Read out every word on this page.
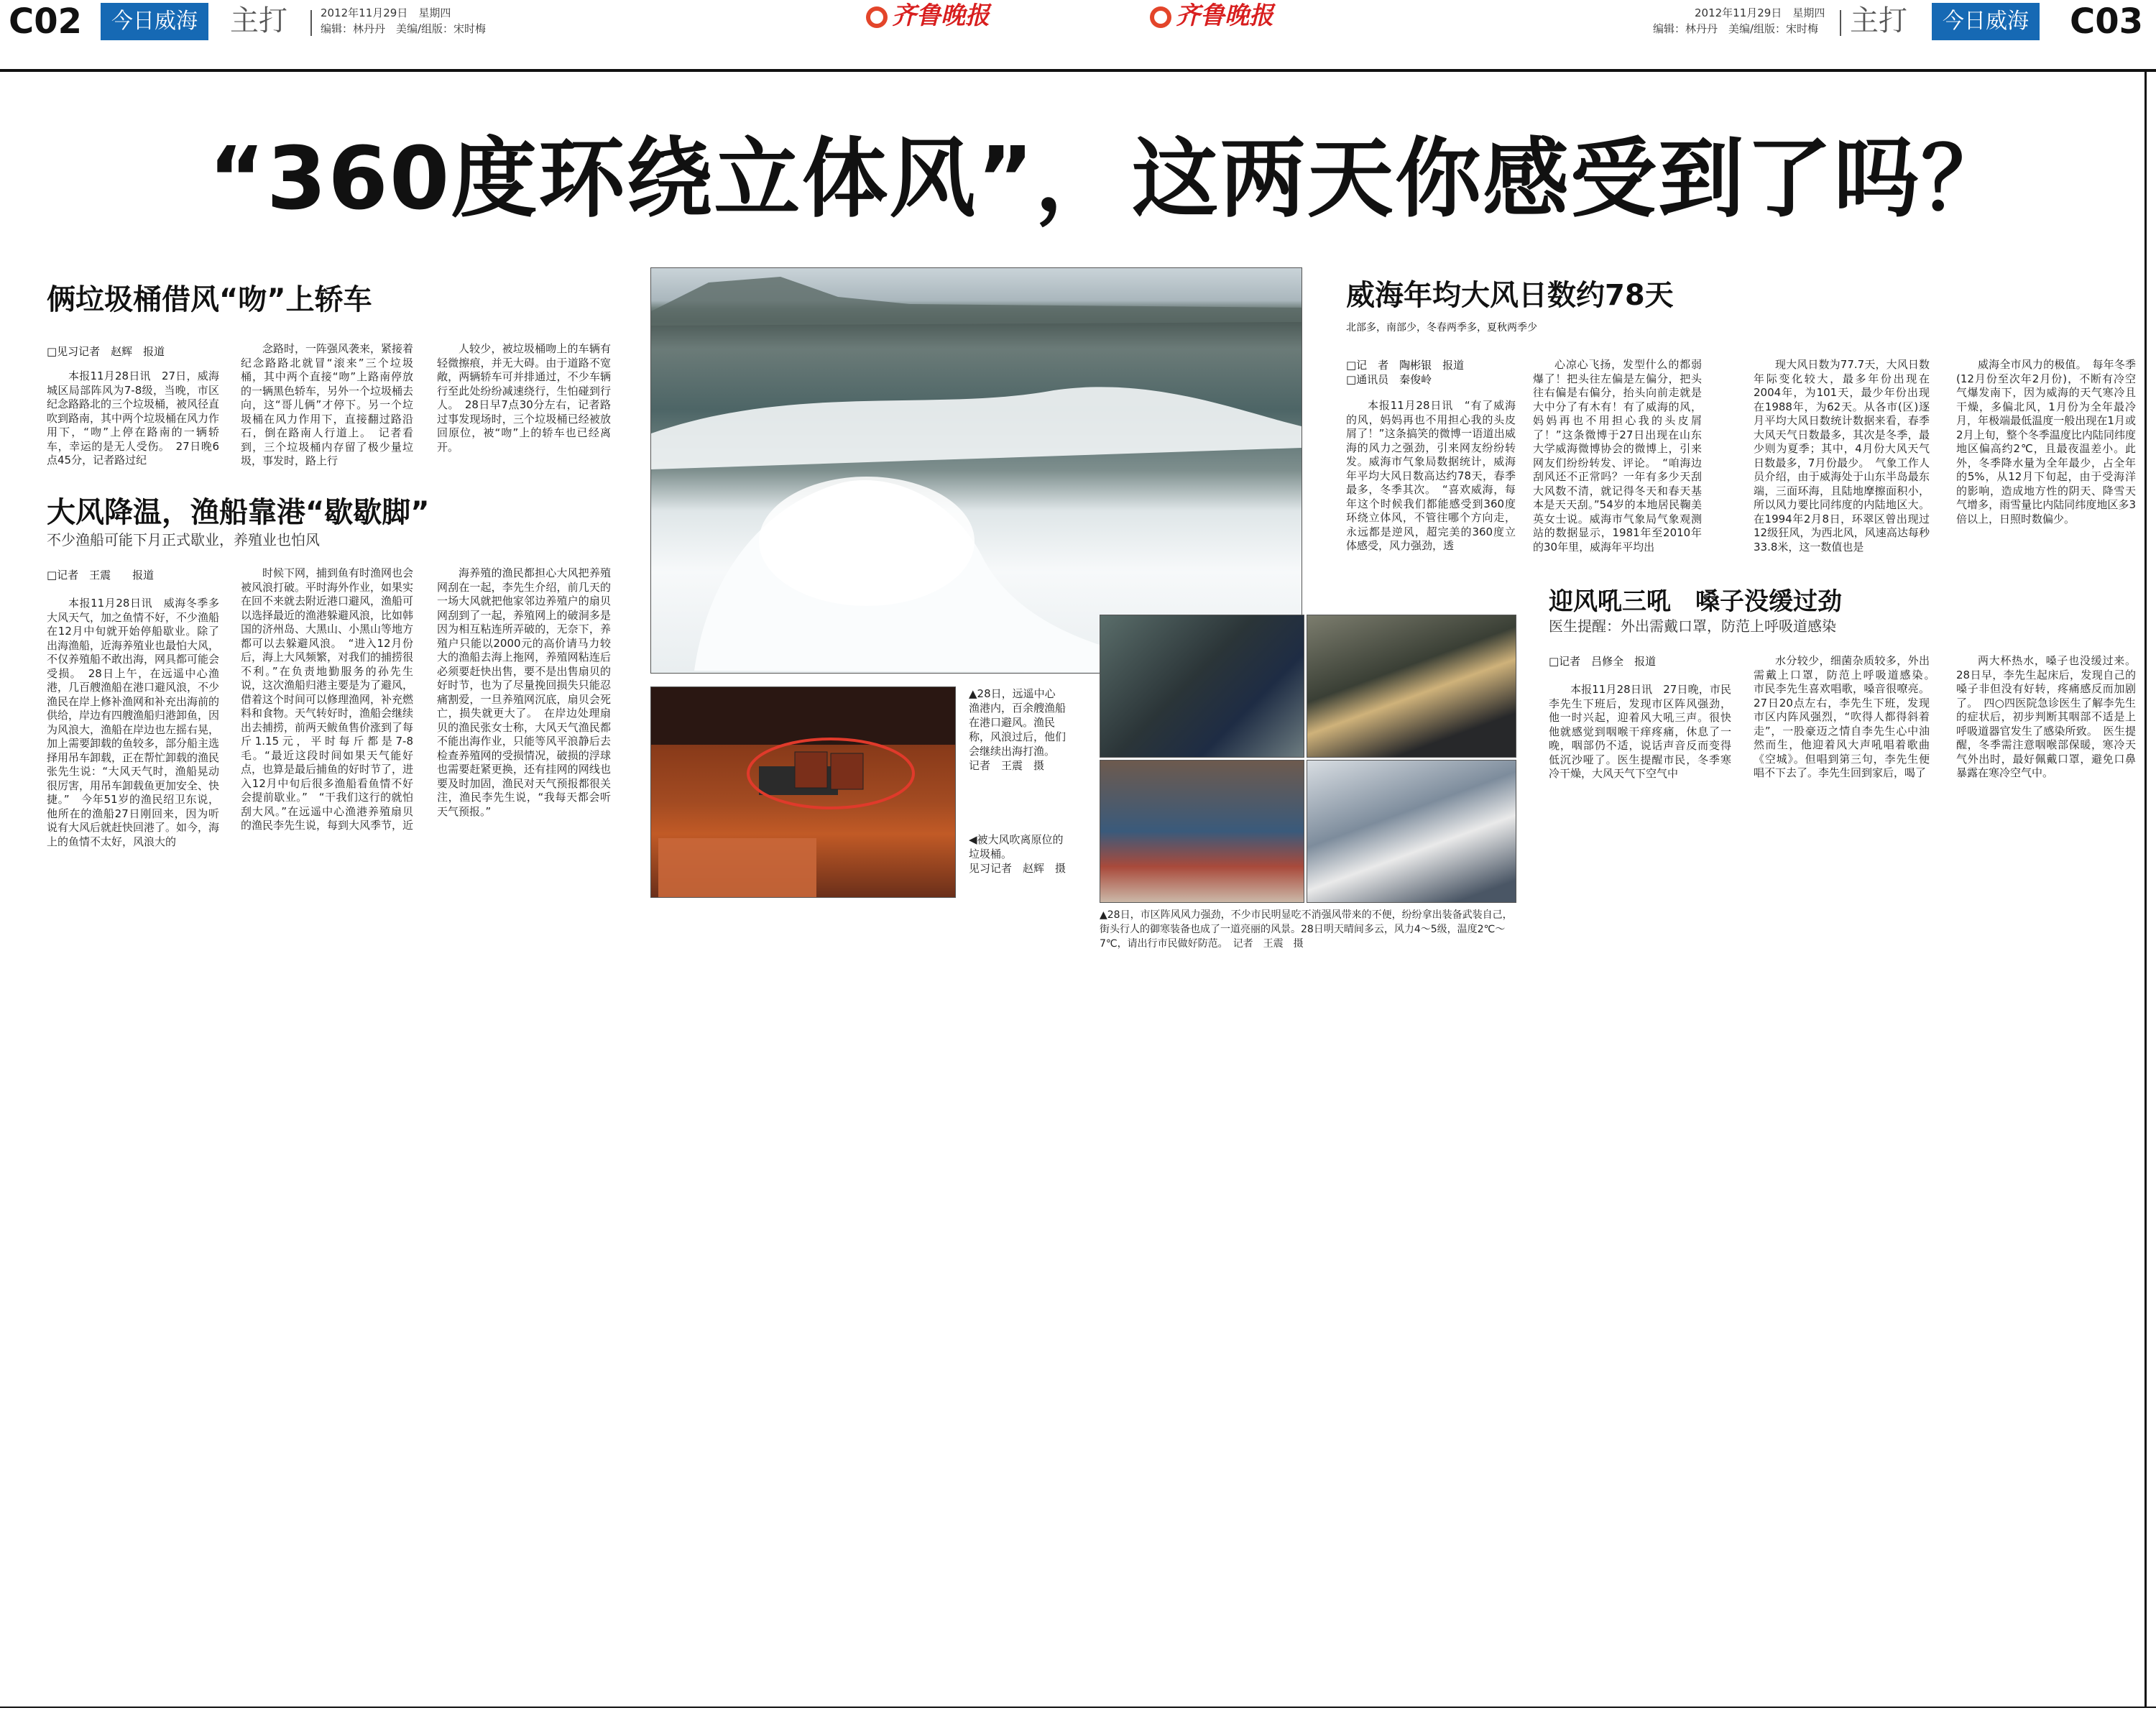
C02	今日威海	主打	2012年11月29日　星期四
编辑：林丹丹　美编/组版：宋时梅	齐鲁晚报	齐鲁晚报	2012年11月29日　星期四
编辑：林丹丹　美编/组版：宋时梅 主打	今日威海	C03
“360度环绕立体风”， 这两天你感受到了吗？
俩垃圾桶借风“吻”上轿车
□见习记者　赵辉　报道

本报11月28日讯　27日，威海城区局部阵风为7-8级，当晚，市区纪念路路北的三个垃圾桶，被风径直吹到路南，其中两个垃圾桶在风力作用下，“吻”上停在路南的一辆轿车，幸运的是无人受伤。　27日晚6点45分，记者路过纪

念路时，一阵强风袭来，紧接着纪念路路北就冒“滚来”三个垃圾桶，其中两个直接“吻”上路南停放的一辆黑色轿车，另外一个垃圾桶去向，这“哥儿俩”才停下。另一个垃圾桶在风力作用下，直接翻过路沿石，倒在路南人行道上。　记者看到，三个垃圾桶内存留了极少量垃圾，事发时，路上行

人较少，被垃圾桶吻上的车辆有轻微擦痕，并无大碍。由于道路不宽敞，两辆轿车可并排通过，不少车辆行至此处纷纷减速绕行，生怕碰到行人。　28日早7点30分左右，记者路过事发现场时，三个垃圾桶已经被放回原位，被“吻”上的轿车也已经离开。

大风降温，渔船靠港“歇歇脚”
不少渔船可能下月正式歇业，养殖业也怕风
□记者　王震　　报道

本报11月28日讯　威海冬季多大风天气，加之鱼情不好，不少渔船在12月中旬就开始停船歇业。除了出海渔船，近海养殖业也最怕大风，不仅养殖船不敢出海，网具都可能会受损。　28日上午，在远遥中心渔港，几百艘渔船在港口避风浪，不少渔民在岸上修补渔网和补充出海前的供给，岸边有四艘渔船归港卸鱼，因为风浪大，渔船在岸边也左摇右晃，加上需要卸载的鱼较多，部分船主选择用吊车卸载，正在帮忙卸载的渔民张先生说：“大风天气时，渔船晃动很厉害，用吊车卸载鱼更加安全、快捷。”　今年51岁的渔民绍卫东说，他所在的渔船27日刚回来，因为听说有大风后就赶快回港了。如今，海上的鱼情不太好，风浪大的

时候下网，捕到鱼有时渔网也会被风浪打破。平时海外作业，如果实在回不来就去附近港口避风，渔船可以选择最近的渔港躲避风浪，比如韩国的济州岛、大黑山、小黑山等地方都可以去躲避风浪。　“进入12月份后，海上大风频繁，对我们的捕捞很不利。”在负责地勤服务的孙先生说，这次渔船归港主要是为了避风，借着这个时间可以修理渔网，补充燃料和食物。天气转好时，渔船会继续出去捕捞，前两天鲅鱼售价涨到了每斤1.15元，平时每斤都是7-8毛。“最近这段时间如果天气能好点，也算是最后捕鱼的好时节了，进入12月中旬后很多渔船看鱼情不好会提前歇业。”　“干我们这行的就怕刮大风。”在远遥中心渔港养殖扇贝的渔民李先生说，每到大风季节，近

海养殖的渔民都担心大风把养殖网刮在一起，李先生介绍，前几天的一场大风就把他家邻边养殖户的扇贝网刮到了一起，养殖网上的破洞多是因为相互粘连所弄破的，无奈下，养殖户只能以2000元的高价请马力较大的渔船去海上拖网，养殖网粘连后必须要赶快出售，要不是出售扇贝的好时节，也为了尽量挽回损失只能忍痛割爱，一旦养殖网沉底，扇贝会死亡，损失就更大了。　在岸边处理扇贝的渔民张女士称，大风天气渔民都不能出海作业，只能等风平浪静后去检查养殖网的受损情况，破损的浮球也需要赶紧更换，还有挂网的网线也要及时加固，渔民对天气预报都很关注，渔民李先生说，“我每天都会听天气预报。”

▲28日，远遥中心渔港内，百余艘渔船在港口避风。渔民称，风浪过后，他们会继续出海打渔。
记者　王震　摄
◀被大风吹离原位的垃圾桶。
见习记者　赵辉　摄
▲28日，市区阵风风力强劲，不少市民明显吃不消强风带来的不便，纷纷拿出装备武装自己，街头行人的御寒装备也成了一道亮丽的风景。28日明天晴间多云，风力4～5级，温度2℃～7℃，请出行市民做好防范。　 记者　王震　摄
威海年均大风日数约78天
北部多，南部少，冬春两季多，夏秋两季少
□记　者　陶彬银　报道
□通讯员　秦俊岭

本报11月28日讯　“有了威海的风，妈妈再也不用担心我的头皮屑了！”这条搞笑的微博一语道出威海的风力之强劲，引来网友纷纷转发。威海市气象局数据统计，威海年平均大风日数高达约78天，春季最多，冬季其次。　“喜欢威海，每年这个时候我们都能感受到360度环绕立体风，不管往哪个方向走，永远都是逆风，超完美的360度立体感受，风力强劲，透

心凉心飞扬，发型什么的都弱爆了！把头往左偏是左偏分，把头往右偏是右偏分，抬头向前走就是大中分了有木有！有了威海的风，妈妈再也不用担心我的头皮屑了！”这条微博于27日出现在山东大学威海微博协会的微博上，引来网友们纷纷转发、评论。　“咱海边刮风还不正常吗？一年有多少天刮大风数不清，就记得冬天和春天基本是天天刮。”54岁的本地居民鞠美英女士说。威海市气象局气象观测站的数据显示，1981年至2010年的30年里，威海年平均出

现大风日数为77.7天，大风日数年际变化较大，最多年份出现在2004年，为101天，最少年份出现在1988年，为62天。从各市(区)逐月平均大风日数统计数据来看，春季大风天气日数最多，其次是冬季，最少则为夏季；其中，4月份大风天气日数最多，7月份最少。　气象工作人员介绍，由于威海处于山东半岛最东端，三面环海，且陆地摩擦面积小，所以风力要比同纬度的内陆地区大。在1994年2月8日，环翠区曾出现过12级狂风，为西北风，风速高达每秒33.8米，这一数值也是

威海全市风力的极值。　每年冬季(12月份至次年2月份)，不断有冷空气爆发南下，因为威海的天气寒冷且干燥，多偏北风，1月份为全年最冷月，年极端最低温度一般出现在1月或2月上旬，整个冬季温度比内陆同纬度地区偏高约2℃，且最夜温差小。此外，冬季降水量为全年最少，占全年的5%，从12月下旬起，由于受海洋的影响，造成地方性的阴天、降雪天气增多，雨雪量比内陆同纬度地区多3倍以上，日照时数偏少。

迎风吼三吼　嗓子没缓过劲
医生提醒：外出需戴口罩，防范上呼吸道感染
□记者　吕修全　报道

本报11月28日讯　27日晚，市民李先生下班后，发现市区阵风强劲，他一时兴起，迎着风大吼三声。很快他就感觉到咽喉干痒疼痛，休息了一晚，咽部仍不适，说话声音反而变得低沉沙哑了。医生提醒市民，冬季寒冷干燥，大风天气下空气中

水分较少，细菌杂质较多，外出需戴上口罩，防范上呼吸道感染。　市民李先生喜欢唱歌，嗓音很嘹亮。27日20点左右，李先生下班，发现市区内阵风强烈，“吹得人都得斜着走”，一股豪迈之情自李先生心中油然而生，他迎着风大声吼唱着歌曲《空城》。但唱到第三句，李先生便唱不下去了。李先生回到家后，喝了

两大杯热水，嗓子也没缓过来。28日早，李先生起床后，发现自己的嗓子非但没有好转，疼痛感反而加剧了。　四○四医院急诊医生了解李先生的症状后，初步判断其咽部不适是上呼吸道器官发生了感染所致。　医生提醒，冬季需注意咽喉部保暖，寒冷天气外出时，最好佩戴口罩，避免口鼻暴露在寒冷空气中。
